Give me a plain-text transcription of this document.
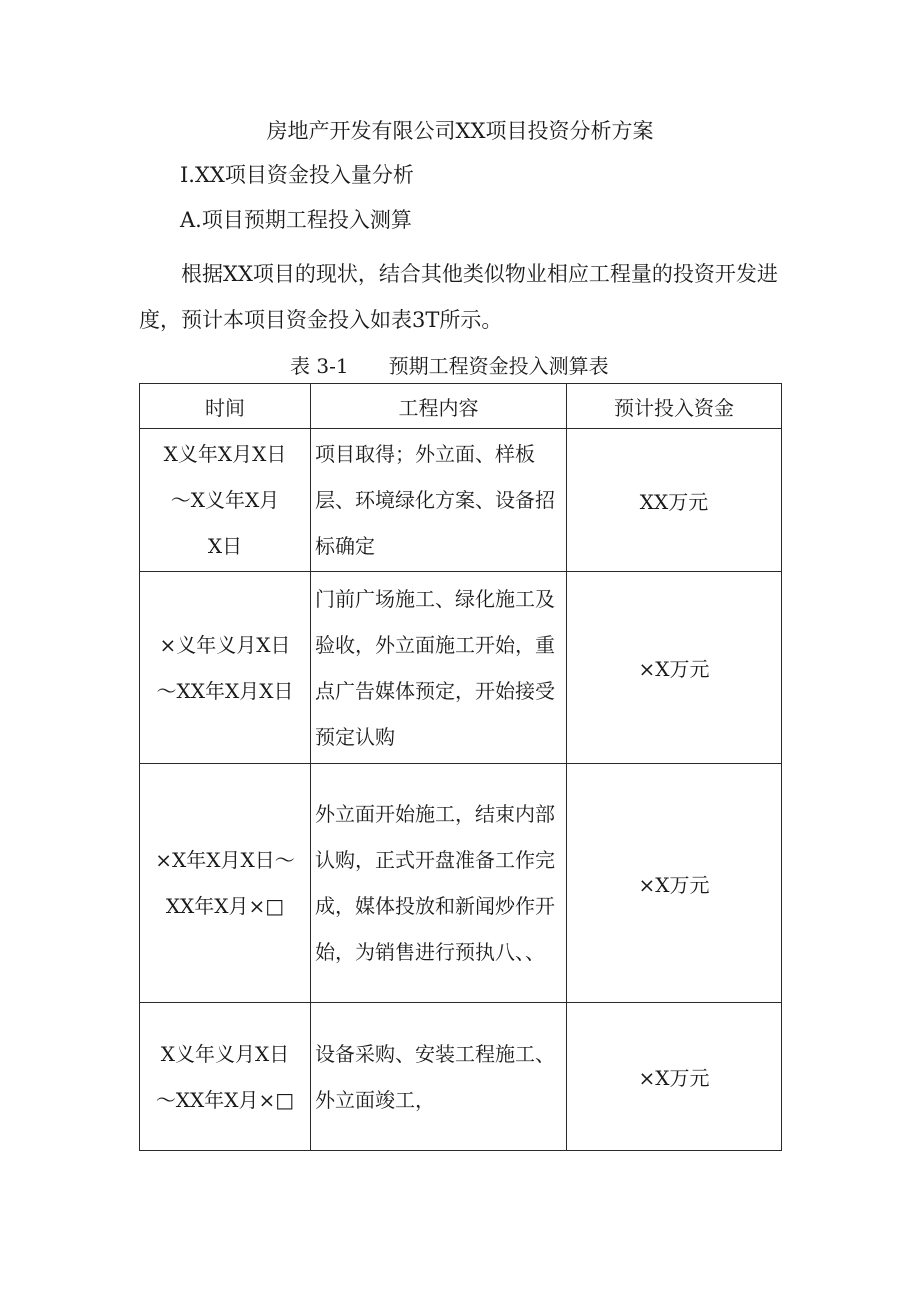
房地产开发有限公司XX项目投资分析方案
I.XX项目资金投入量分析
A.项目预期工程投入测算

根据XX项目的现状，结合其他类似物业相应工程量的投资开发进度，预计本项目资金投入如表3T所示。

表 3-1 预期工程资金投入测算表
时间	工程内容	预计投入资金

X义年X月X日
～X义年X月
X日	项目取得；外立面、样板层、环境绿化方案、设备招标确定	XX万元

×义年义月X日
～XX年X月X日	门前广场施工、绿化施工及验收，外立面施工开始，重点广告媒体预定，开始接受预定认购	×X万元

×X年X月X日～
XX年X月×□	外立面开始施工，结束内部认购，正式开盘准备工作完成，媒体投放和新闻炒作开始，为销售进行预执八、、	×X万元

X义年义月X日
～XX年X月×□	设备采购、安装工程施工、外立面竣工，	×X万元
